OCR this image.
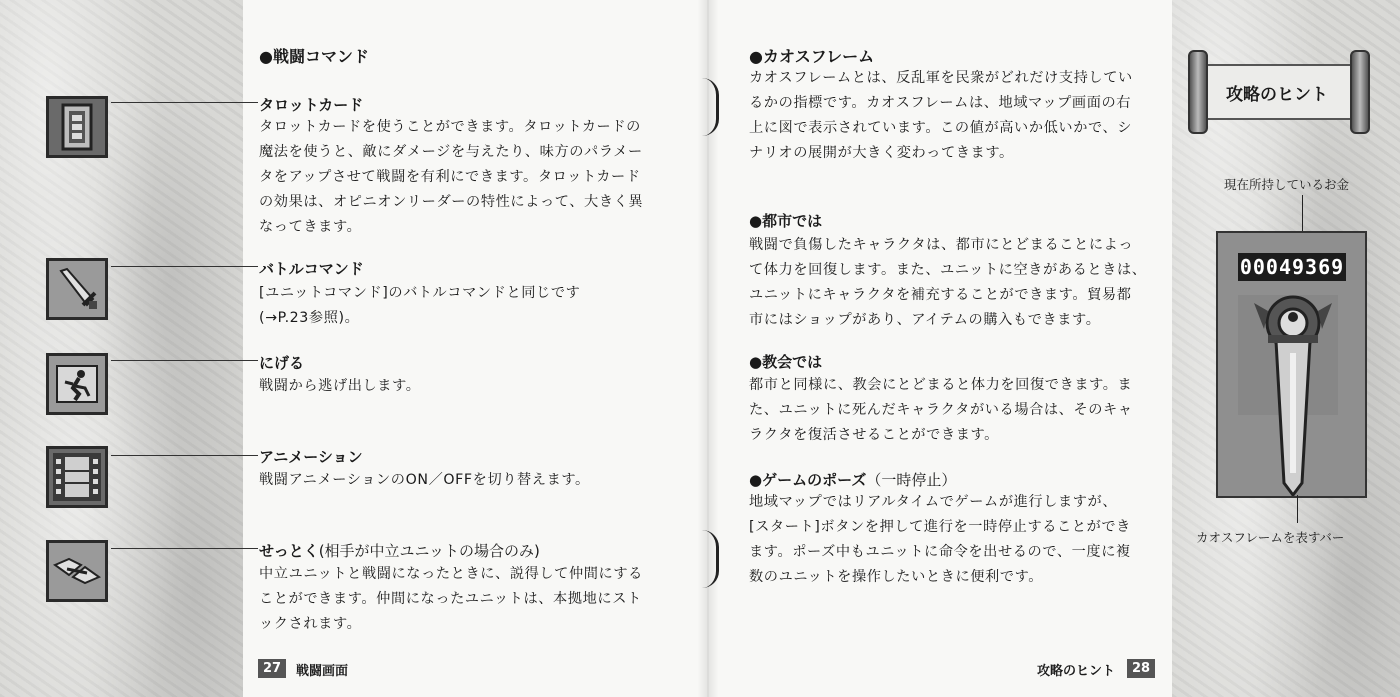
●戦闘コマンド
タロットカード
タロットカードを使うことができます。タロットカードの
魔法を使うと、敵にダメージを与えたり、味方のパラメー
タをアップさせて戦闘を有利にできます。タロットカード
の効果は、オピニオンリーダーの特性によって、大きく異
なってきます。
バトルコマンド
[ユニットコマンド]のバトルコマンドと同じです
(→P.23参照)。
にげる
戦闘から逃げ出します。
アニメーション
戦闘アニメーションのON／OFFを切り替えます。
せっとく(相手が中立ユニットの場合のみ)
中立ユニットと戦闘になったときに、説得して仲間にする
ことができます。仲間になったユニットは、本拠地にスト
ックされます。
27	戦闘画面
●カオスフレーム
カオスフレームとは、反乱軍を民衆がどれだけ支持してい
るかの指標です。カオスフレームは、地域マップ画面の右
上に図で表示されています。この値が高いか低いかで、シ
ナリオの展開が大きく変わってきます。
●都市では
戦闘で負傷したキャラクタは、都市にとどまることによっ
て体力を回復します。また、ユニットに空きがあるときは、
ユニットにキャラクタを補充することができます。貿易都
市にはショップがあり、アイテムの購入もできます。
●教会では
都市と同様に、教会にとどまると体力を回復できます。ま
た、ユニットに死んだキャラクタがいる場合は、そのキャ
ラクタを復活させることができます。
●ゲームのポーズ（一時停止）
地域マップではリアルタイムでゲームが進行しますが、
[スタート]ボタンを押して進行を一時停止することができ
ます。ポーズ中もユニットに命令を出せるので、一度に複
数のユニットを操作したいときに便利です。
攻略のヒント	28
攻略のヒント
現在所持しているお金
00049369
カオスフレームを表すバー
